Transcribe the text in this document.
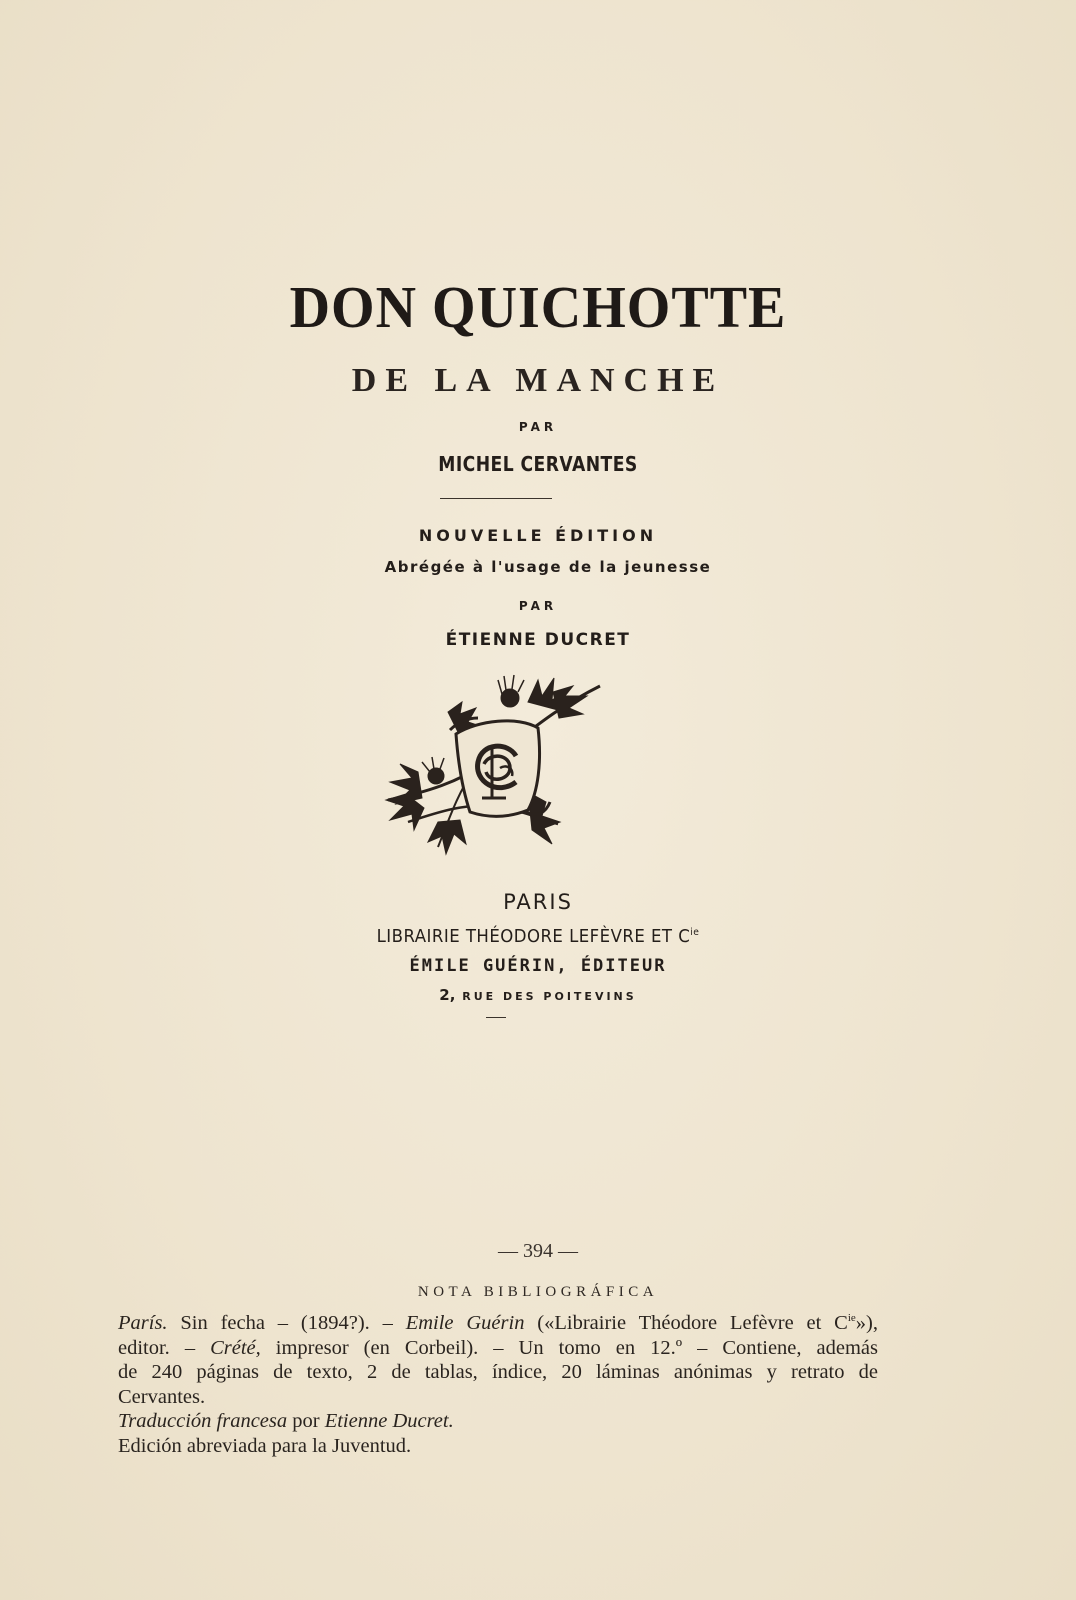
DON QUICHOTTE
DE LA MANCHE
PAR
MICHEL CERVANTES
NOUVELLE ÉDITION
Abrégée à l'usage de la jeunesse
PAR
ÉTIENNE DUCRET
PARIS
LIBRAIRIE THÉODORE LEFÈVRE ET $C^{ie}$
ÉMILE GUÉRIN, ÉDITEUR
2, RUE DES POITEVINS
— 394 —
NOTA BIBLIOGRÁFICA

París. Sin fecha – (1894?). – Emile Guérin («Librairie Théodore Lefèvre et $C^{ie}$»),

editor. – Crété, impresor (en Corbeil). – Un tomo en 12.º – Contiene, además

de 240 páginas de texto, 2 de tablas, índice, 20 láminas anónimas y retrato de

Cervantes.

Traducción francesa por Etienne Ducret.

Edición abreviada para la Juventud.
